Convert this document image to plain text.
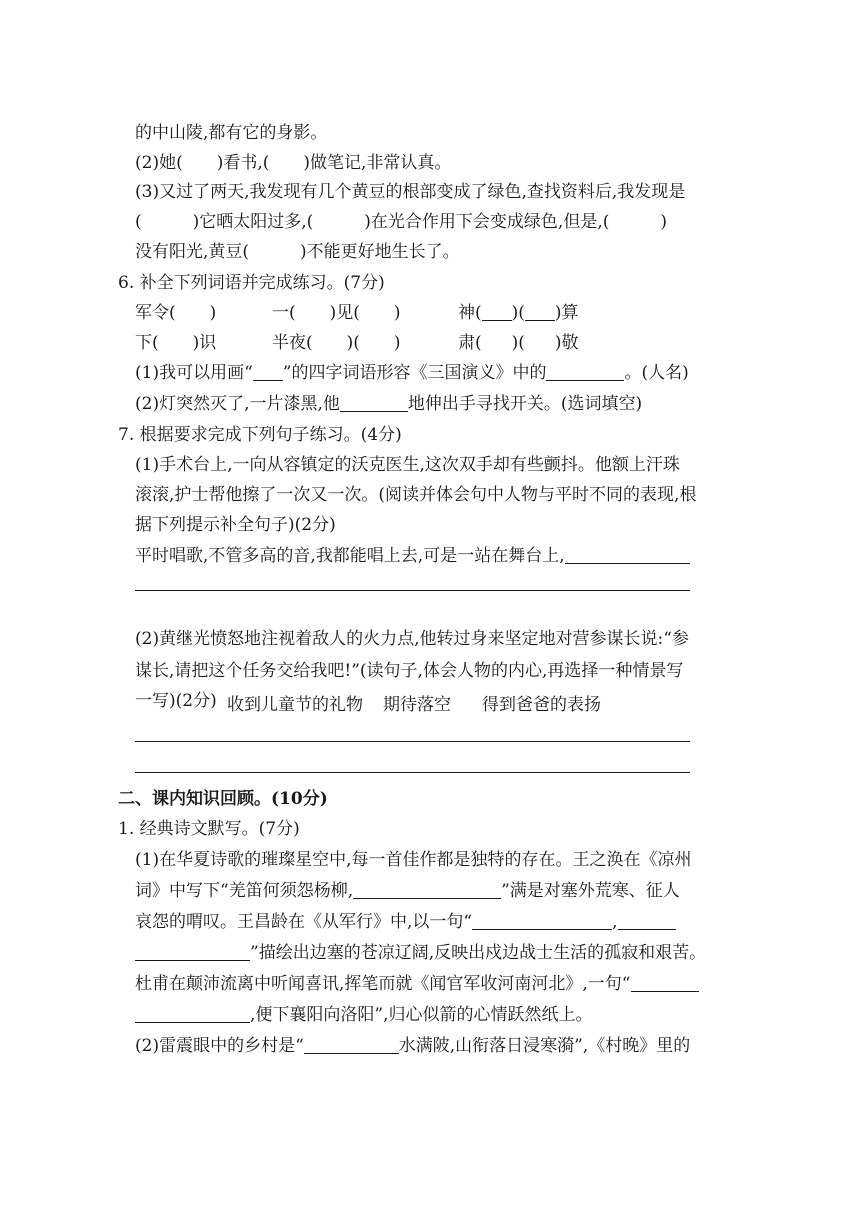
的中山陵,都有它的身影。
(2)她(　　)看书,(　　)做笔记,非常认真。
(3)又过了两天,我发现有几个黄豆的根部变成了绿色,查找资料后,我发现是
(　　　)它晒太阳过多,(　　　)在光合作用下会变成绿色,但是,(　　　)
没有阳光,黄豆(　　　)不能更好地生长了。
6. 补全下列词语并完成练习。(7分)
军令(　　)	一(　　)见(　　)	神( )( )算
下(　　)识	半夜(　　)(　　)	肃( )( )敬
(1)我可以用画“ ”的四字词语形容《三国演义》中的	。(人名)
(2)灯突然灭了,一片漆黑,他	地伸出手寻找开关。(选词填空)
7. 根据要求完成下列句子练习。(4分)
(1)手术台上,一向从容镇定的沃克医生,这次双手却有些颤抖。他额上汗珠
滚滚,护士帮他擦了一次又一次。(阅读并体会句中人物与平时不同的表现,根
据下列提示补全句子)(2分)
平时唱歌,不管多高的音,我都能唱上去,可是一站在舞台上,
(2)黄继光愤怒地注视着敌人的火力点,他转过身来坚定地对营参谋长说:“参
谋长,请把这个任务交给我吧!”(读句子,体会人物的内心,再选择一种情景写
一写)(2分) 收到儿童节的礼物 期待落空 得到爸爸的表扬
二、课内知识回顾。(10分)
1. 经典诗文默写。(7分)
(1)在华夏诗歌的璀璨星空中,每一首佳作都是独特的存在。王之涣在《凉州
词》中写下“羌笛何须怨杨柳,	”满是对塞外荒寒、征人
哀怨的喟叹。王昌龄在《从军行》中,以一句“	,
”描绘出边塞的苍凉辽阔,反映出戍边战士生活的孤寂和艰苦。
杜甫在颠沛流离中听闻喜讯,挥笔而就《闻官军收河南河北》,一句“
,便下襄阳向洛阳”,归心似箭的心情跃然纸上。
(2)雷震眼中的乡村是“	水满陂,山衔落日浸寒漪”,《村晚》里的
